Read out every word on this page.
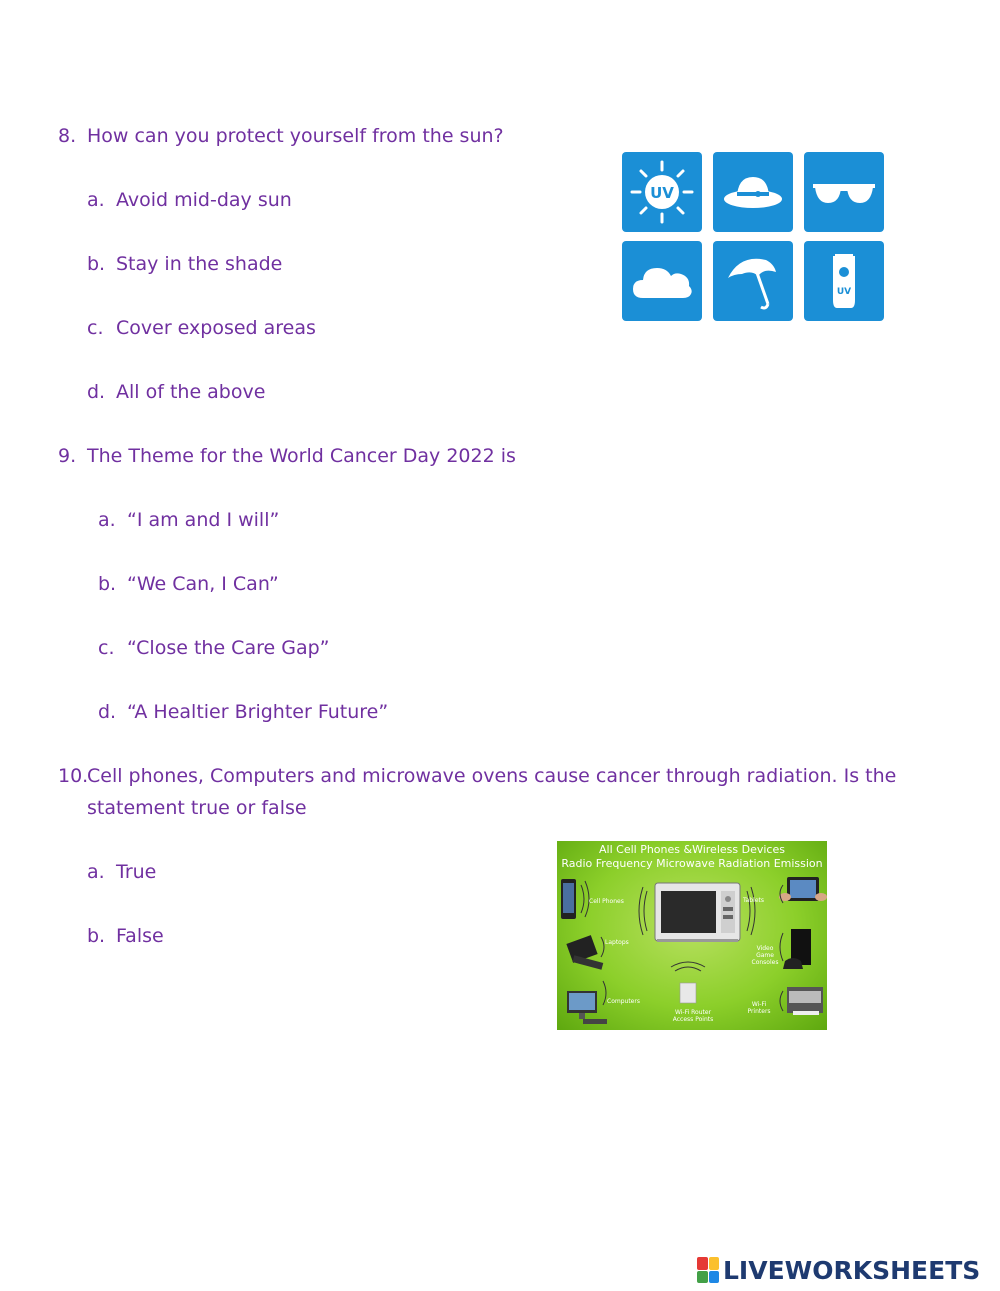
8. How can you protect yourself from the sun?
a. Avoid mid-day sun
b. Stay in the shade
c. Cover exposed areas
d. All of the above
UV
UV
9. The Theme for the World Cancer Day 2022 is
a. “I am and I will”
b. “We Can, I Can”
c. “Close the Care Gap”
d. “A Healtier Brighter Future”
10.
Cell phones, Computers and microwave ovens cause cancer through radiation. Is the statement true or false
a. True
b. False
All Cell Phones &Wireless Devices
Radio Frequency Microwave Radiation Emission
Cell Phones
Laptops
Computers
Tablets
Video Game Consoles
Wi-Fi Router Access Points
Wi-Fi Printers
LIVEWORKSHEETS
